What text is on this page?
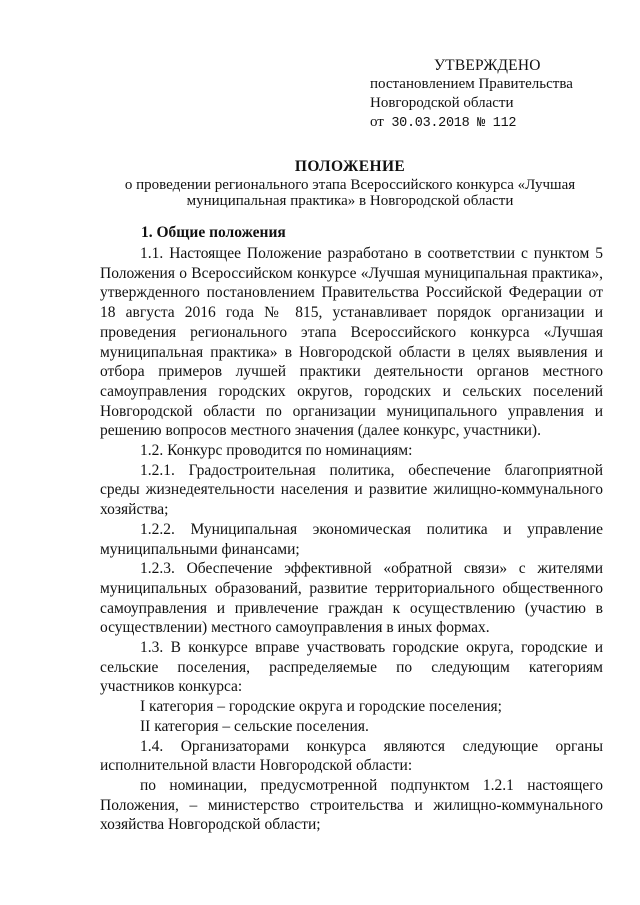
УТВЕРЖДЕНО
постановлением Правительства
Новгородской области
от 30.03.2018 № 112
ПОЛОЖЕНИЕ
о проведении регионального этапа Всероссийского конкурса «Лучшая муниципальная практика» в Новгородской области
1. Общие положения

1.1. Настоящее Положение разработано в соответствии с пунктом 5 Положения о Всероссийском конкурсе «Лучшая муниципальная практика», утвержденного постановлением Правительства Российской Федерации от 18 августа 2016 года № 815, устанавливает порядок организации и проведения регионального этапа Всероссийского конкурса «Лучшая муниципальная практика» в Новгородской области в целях выявления и отбора примеров лучшей практики деятельности органов местного самоуправления городских округов, городских и сельских поселений Новгородской области по организации муниципального управления и решению вопросов местного значения (далее конкурс, участники).

1.2. Конкурс проводится по номинациям:

1.2.1. Градостроительная политика, обеспечение благоприятной среды жизнедеятельности населения и развитие жилищно-коммунального хозяйства;

1.2.2. Муниципальная экономическая политика и управление муниципальными финансами;

1.2.3. Обеспечение эффективной «обратной связи» с жителями муниципальных образований, развитие территориального общественного самоуправления и привлечение граждан к осуществлению (участию в осуществлении) местного самоуправления в иных формах.

1.3. В конкурсе вправе участвовать городские округа, городские и сельские поселения, распределяемые по следующим категориям участников конкурса:

I категория – городские округа и городские поселения;

II категория – сельские поселения.

1.4. Организаторами конкурса являются следующие органы исполнительной власти Новгородской области:

по номинации, предусмотренной подпунктом 1.2.1 настоящего Положения, – министерство строительства и жилищно-коммунального хозяйства Новгородской области;
